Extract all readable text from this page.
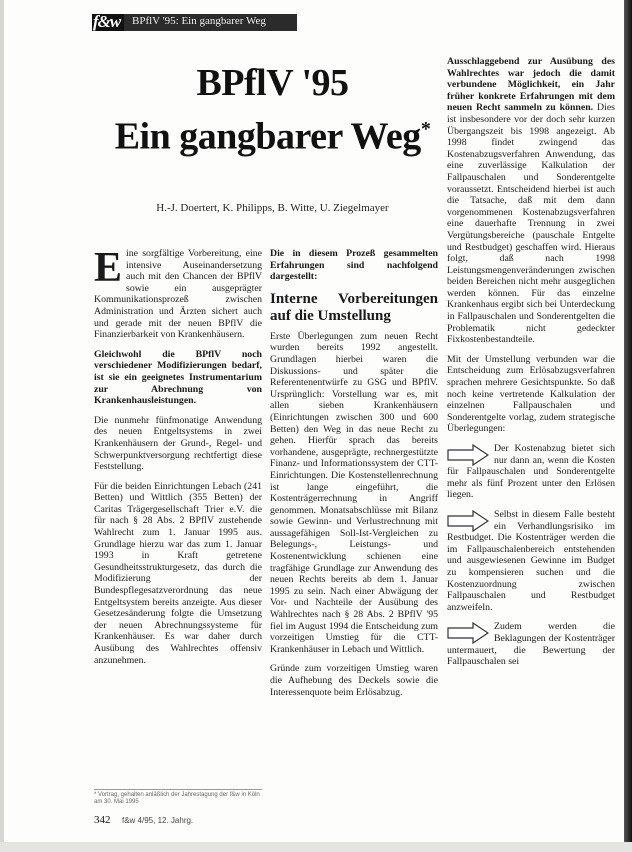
f&w BPflV '95: Ein gangbarer Weg
BPflV '95
Ein gangbarer Weg*
H.-J. Doertert, K. Philipps, B. Witte, U. Ziegelmayer

Eine sorgfältige Vorbereitung, eine intensive Auseinandersetzung auch mit den Chancen der BPflV sowie ein ausgeprägter Kommunikationsprozeß zwischen Administration und Ärzten sichert auch und gerade mit der neuen BPflV die Finanzierbarkeit von Krankenhäusern.

Gleichwohl die BPflV noch verschiedener Modifizierungen bedarf, ist sie ein geeignetes Instrumentarium zur Abrechnung von Krankenhausleistungen.

Die nunmehr fünfmonatige Anwendung des neuen Entgeltsystems in zwei Krankenhäusern der Grund-, Regel- und Schwerpunktversorgung rechtfertigt diese Feststellung.

Für die beiden Einrichtungen Lebach (241 Betten) und Wittlich (355 Betten) der Caritas Trägergesellschaft Trier e.V. die für nach § 28 Abs. 2 BPflV zustehende Wahlrecht zum 1. Januar 1995 aus. Grundlage hierzu war das zum 1. Januar 1993 in Kraft getretene Gesundheitsstrukturgesetz, das durch die Modifizierung der Bundespflegesatzverordnung das neue Entgeltsystem bereits anzeigte. Aus dieser Gesetzesänderung folgte die Umsetzung der neuen Abrechnungssysteme für Krankenhäuser. Es war daher durch Ausübung des Wahlrechtes offensiv anzunehmen.

Die in diesem Prozeß gesammelten Erfahrungen sind nachfolgend dargestellt:

Interne Vorbereitungen auf die Umstellung

Erste Überlegungen zum neuen Recht wurden bereits 1992 angestellt. Grundlagen hierbei waren die Diskussions- und später die Referentenentwürfe zu GSG und BPflV. Ursprünglich: Vorstellung war es, mit allen sieben Krankenhäusern (Einrichtungen zwischen 300 und 600 Betten) den Weg in das neue Recht zu gehen. Hierfür sprach das bereits vorhandene, ausgeprägte, rechnergestützte Finanz- und Informationssystem der CTT-Einrichtungen. Die Kostenstellenrechnung ist lange eingeführt, die Kostenträgerrechnung in Angriff genommen. Monatsabschlüsse mit Bilanz sowie Gewinn- und Verlustrechnung mit aussagefähigen Soll-Ist-Vergleichen zu Belegungs-, Leistungs- und Kostenentwicklung schienen eine tragfähige Grundlage zur Anwendung des neuen Rechts bereits ab dem 1. Januar 1995 zu sein. Nach einer Abwägung der Vor- und Nachteile der Ausübung des Wahlrechtes nach § 28 Abs. 2 BPflV '95 fiel im August 1994 die Entscheidung zum vorzeitigen Umstieg für die CTT-Krankenhäuser in Lebach und Wittlich.

Gründe zum vorzeitigen Umstieg waren die Aufhebung des Deckels sowie die Interessenquote beim Erlösabzug.

Ausschlaggebend zur Ausübung des Wahlrechtes war jedoch die damit verbundene Möglichkeit, ein Jahr früher konkrete Erfahrungen mit dem neuen Recht sammeln zu können. Dies ist insbesondere vor der doch sehr kurzen Übergangszeit bis 1998 angezeigt. Ab 1998 findet zwingend das Kostenabzugsverfahren Anwendung, das eine zuverlässige Kalkulation der Fallpauschalen und Sonderentgelte voraussetzt. Entscheidend hierbei ist auch die Tatsache, daß mit dem dann vorgenommenen Kostenabzugsverfahren eine dauerhafte Trennung in zwei Vergütungsbereiche (pauschale Entgelte und Restbudget) geschaffen wird. Hieraus folgt, daß nach 1998 Leistungsmengenveränderungen zwischen beiden Bereichen nicht mehr ausgeglichen werden können. Für das einzelne Krankenhaus ergibt sich bei Unterdeckung in Fallpauschalen und Sonderentgelten die Problematik nicht gedeckter Fixkostenbestandteile.

Mit der Umstellung verbunden war die Entscheidung zum Erlösabzugsverfahren sprachen mehrere Gesichtspunkte. So daß noch keine vertretende Kalkulation der einzelnen Fallpauschalen und Sonderentgelte vorlag, zudem strategische Überlegungen:

Der Kostenabzug bietet sich nur dann an, wenn die Kosten für Fallpauschalen und Sonderentgelte mehr als fünf Prozent unter den Erlösen liegen.

Selbst in diesem Falle besteht ein Verhandlungsrisiko im Restbudget. Die Kostenträger werden die im Fallpauschalenbereich entstehenden und ausgewiesenen Gewinne im Budget zu kompensieren suchen und die Kostenzuordnung zwischen Fallpauschalen und Restbudget anzweifeln.

Zudem werden die Beklagungen der Kostenträger untermauert, die Bewertung der Fallpauschalen sei

* Vortrag, gehalten anläßlich der Jahrestagung der f&w in Köln am 30. Mai 1995
342 f&w 4/95, 12. Jahrg.
